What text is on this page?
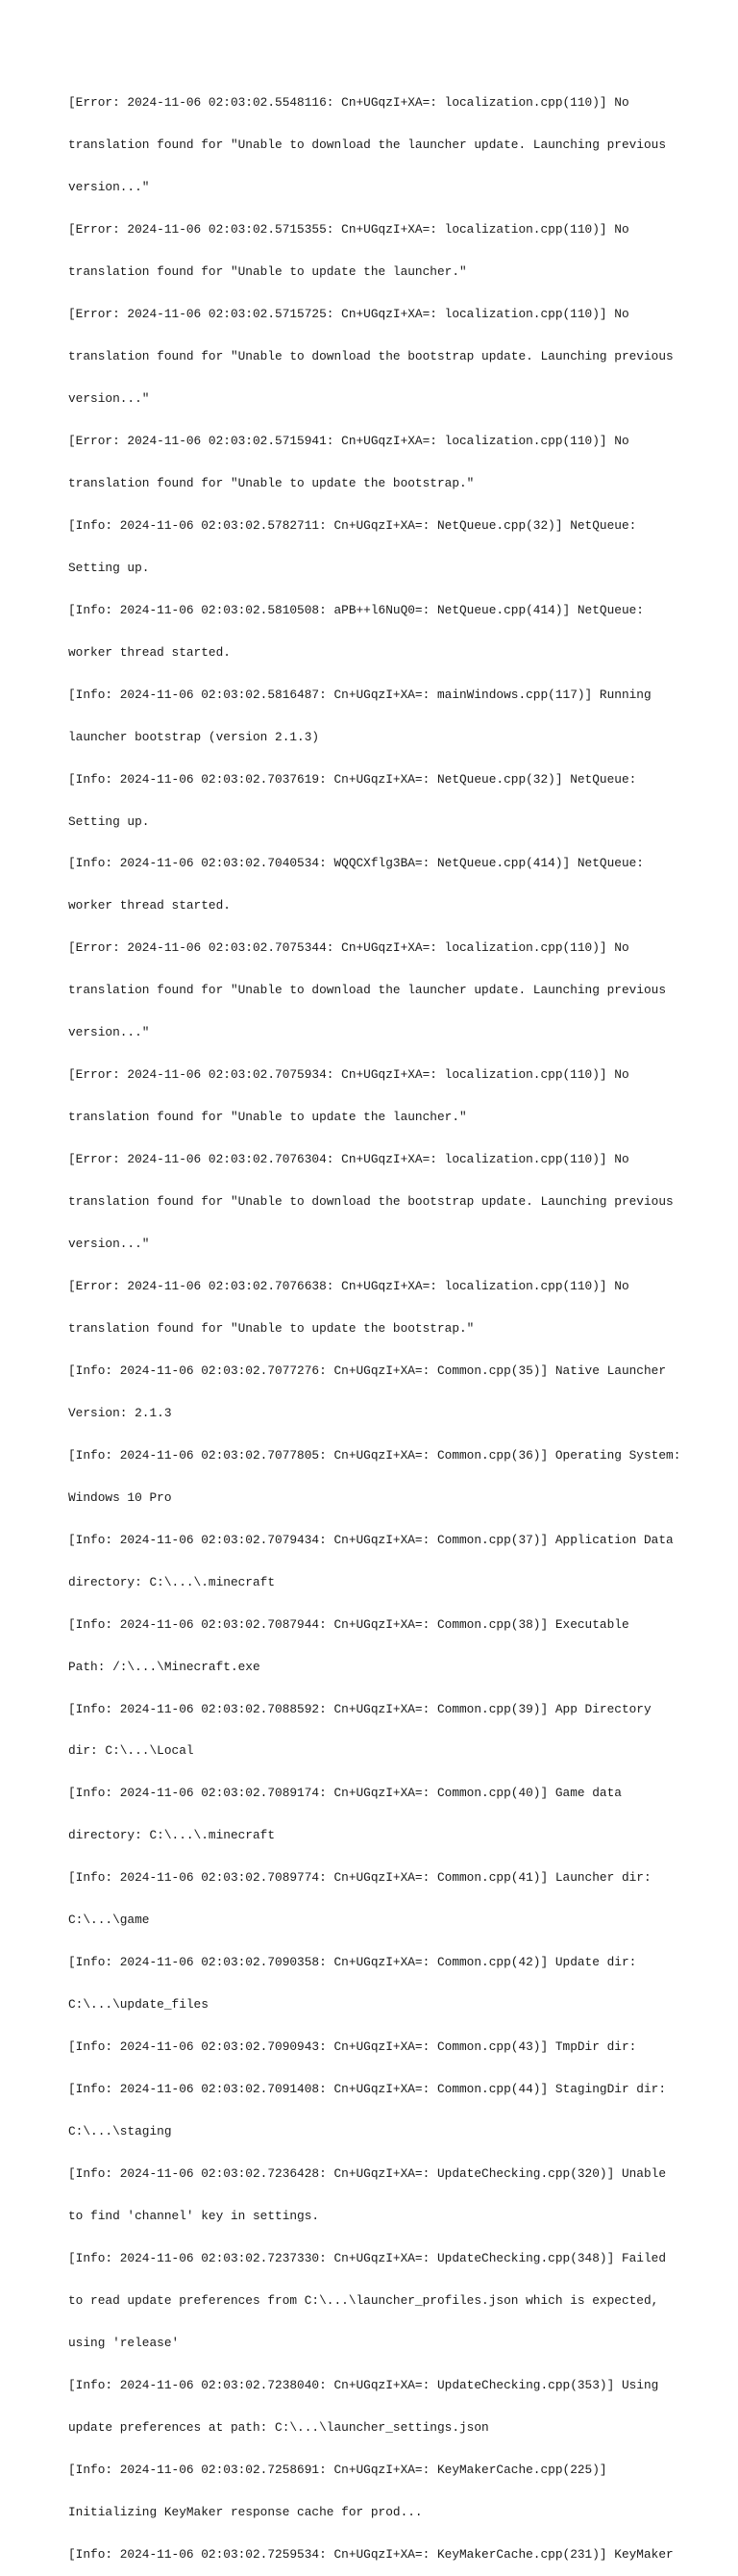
[Error: 2024-11-06 02:03:02.5548116: Cn+UGqzI+XA=: localization.cpp(110)] No

translation found for "Unable to download the launcher update. Launching previous

version..."

[Error: 2024-11-06 02:03:02.5715355: Cn+UGqzI+XA=: localization.cpp(110)] No

translation found for "Unable to update the launcher."

[Error: 2024-11-06 02:03:02.5715725: Cn+UGqzI+XA=: localization.cpp(110)] No

translation found for "Unable to download the bootstrap update. Launching previous

version..."

[Error: 2024-11-06 02:03:02.5715941: Cn+UGqzI+XA=: localization.cpp(110)] No

translation found for "Unable to update the bootstrap."

[Info: 2024-11-06 02:03:02.5782711: Cn+UGqzI+XA=: NetQueue.cpp(32)] NetQueue:

Setting up.

[Info: 2024-11-06 02:03:02.5810508: aPB++l6NuQ0=: NetQueue.cpp(414)] NetQueue:

worker thread started.

[Info: 2024-11-06 02:03:02.5816487: Cn+UGqzI+XA=: mainWindows.cpp(117)] Running

launcher bootstrap (version 2.1.3)

[Info: 2024-11-06 02:03:02.7037619: Cn+UGqzI+XA=: NetQueue.cpp(32)] NetQueue:

Setting up.

[Info: 2024-11-06 02:03:02.7040534: WQQCXflg3BA=: NetQueue.cpp(414)] NetQueue:

worker thread started.

[Error: 2024-11-06 02:03:02.7075344: Cn+UGqzI+XA=: localization.cpp(110)] No

translation found for "Unable to download the launcher update. Launching previous

version..."

[Error: 2024-11-06 02:03:02.7075934: Cn+UGqzI+XA=: localization.cpp(110)] No

translation found for "Unable to update the launcher."

[Error: 2024-11-06 02:03:02.7076304: Cn+UGqzI+XA=: localization.cpp(110)] No

translation found for "Unable to download the bootstrap update. Launching previous

version..."

[Error: 2024-11-06 02:03:02.7076638: Cn+UGqzI+XA=: localization.cpp(110)] No

translation found for "Unable to update the bootstrap."

[Info: 2024-11-06 02:03:02.7077276: Cn+UGqzI+XA=: Common.cpp(35)] Native Launcher

Version: 2.1.3

[Info: 2024-11-06 02:03:02.7077805: Cn+UGqzI+XA=: Common.cpp(36)] Operating System:

Windows 10 Pro

[Info: 2024-11-06 02:03:02.7079434: Cn+UGqzI+XA=: Common.cpp(37)] Application Data

directory: C:\...\.minecraft

[Info: 2024-11-06 02:03:02.7087944: Cn+UGqzI+XA=: Common.cpp(38)] Executable

Path: /:\...\Minecraft.exe

[Info: 2024-11-06 02:03:02.7088592: Cn+UGqzI+XA=: Common.cpp(39)] App Directory

dir: C:\...\Local

[Info: 2024-11-06 02:03:02.7089174: Cn+UGqzI+XA=: Common.cpp(40)] Game data

directory: C:\...\.minecraft

[Info: 2024-11-06 02:03:02.7089774: Cn+UGqzI+XA=: Common.cpp(41)] Launcher dir:

C:\...\game

[Info: 2024-11-06 02:03:02.7090358: Cn+UGqzI+XA=: Common.cpp(42)] Update dir:

C:\...\update_files

[Info: 2024-11-06 02:03:02.7090943: Cn+UGqzI+XA=: Common.cpp(43)] TmpDir dir:

[Info: 2024-11-06 02:03:02.7091408: Cn+UGqzI+XA=: Common.cpp(44)] StagingDir dir:

C:\...\staging

[Info: 2024-11-06 02:03:02.7236428: Cn+UGqzI+XA=: UpdateChecking.cpp(320)] Unable

to find 'channel' key in settings.

[Info: 2024-11-06 02:03:02.7237330: Cn+UGqzI+XA=: UpdateChecking.cpp(348)] Failed

to read update preferences from C:\...\launcher_profiles.json which is expected,

using 'release'

[Info: 2024-11-06 02:03:02.7238040: Cn+UGqzI+XA=: UpdateChecking.cpp(353)] Using

update preferences at path: C:\...\launcher_settings.json

[Info: 2024-11-06 02:03:02.7258691: Cn+UGqzI+XA=: KeyMakerCache.cpp(225)]

Initializing KeyMaker response cache for prod...

[Info: 2024-11-06 02:03:02.7259534: Cn+UGqzI+XA=: KeyMakerCache.cpp(231)] KeyMaker
